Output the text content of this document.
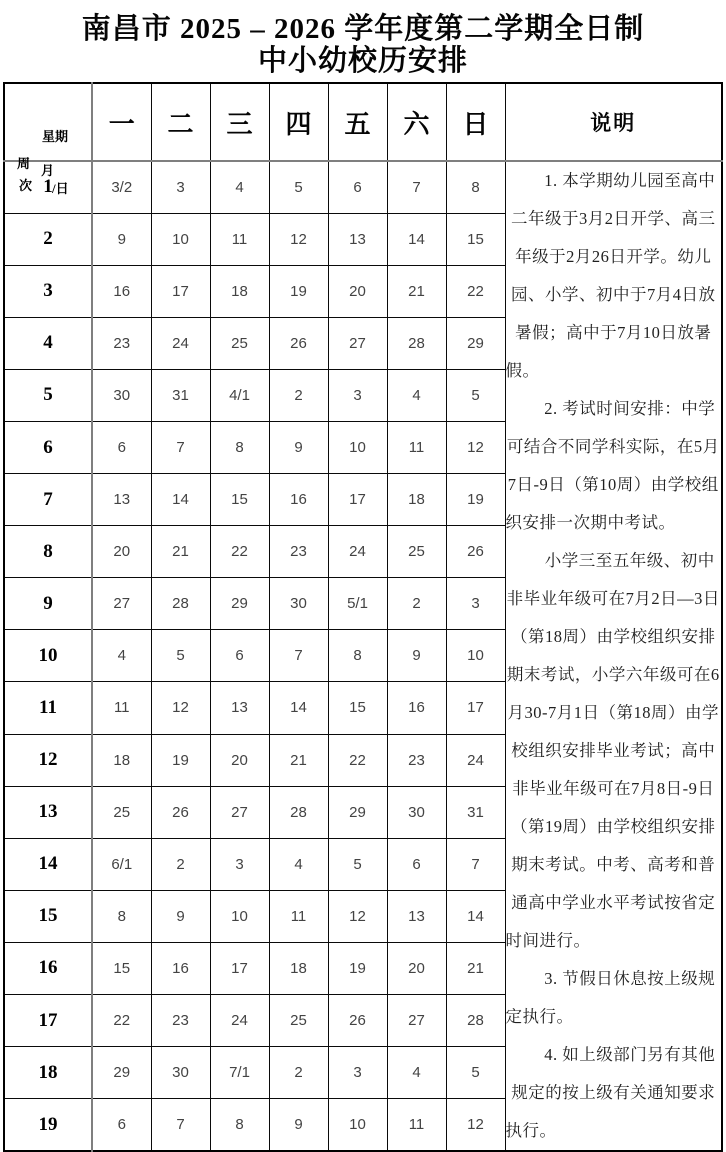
南昌市 2025 – 2026 学年度第二学期全日制
中小幼校历安排
星期
月
/日
周
次	一	二	三	四	五	六	日	说明
1	3/2	3	4	5	6	7	8	1. 本学期幼儿园至高中二年级于3月2日开学、高三年级于2月26日开学。幼儿园、小学、初中于7月4日放暑假；高中于7月10日放暑假。

2. 考试时间安排：中学可结合不同学科实际，在5月7日-9日（第10周）由学校组织安排一次期中考试。

小学三至五年级、初中非毕业年级可在7月2日—3日（第18周）由学校组织安排期末考试，小学六年级可在6月30-7月1日（第18周）由学校组织安排毕业考试；高中非毕业年级可在7月8日-9日（第19周）由学校组织安排期末考试。中考、高考和普通高中学业水平考试按省定时间进行。

3. 节假日休息按上级规定执行。

4. 如上级部门另有其他规定的按上级有关通知要求执行。

2	9	10	11	12	13	14	15	
3	16	17	18	19	20	21	22	
4	23	24	25	26	27	28	29	
5	30	31	4/1	2	3	4	5	
6	6	7	8	9	10	11	12	
7	13	14	15	16	17	18	19	
8	20	21	22	23	24	25	26	
9	27	28	29	30	5/1	2	3	
10	4	5	6	7	8	9	10	
11	11	12	13	14	15	16	17	
12	18	19	20	21	22	23	24	
13	25	26	27	28	29	30	31	
14	6/1	2	3	4	5	6	7	
15	8	9	10	11	12	13	14	
16	15	16	17	18	19	20	21	
17	22	23	24	25	26	27	28	
18	29	30	7/1	2	3	4	5	
19	6	7	8	9	10	11	12	
